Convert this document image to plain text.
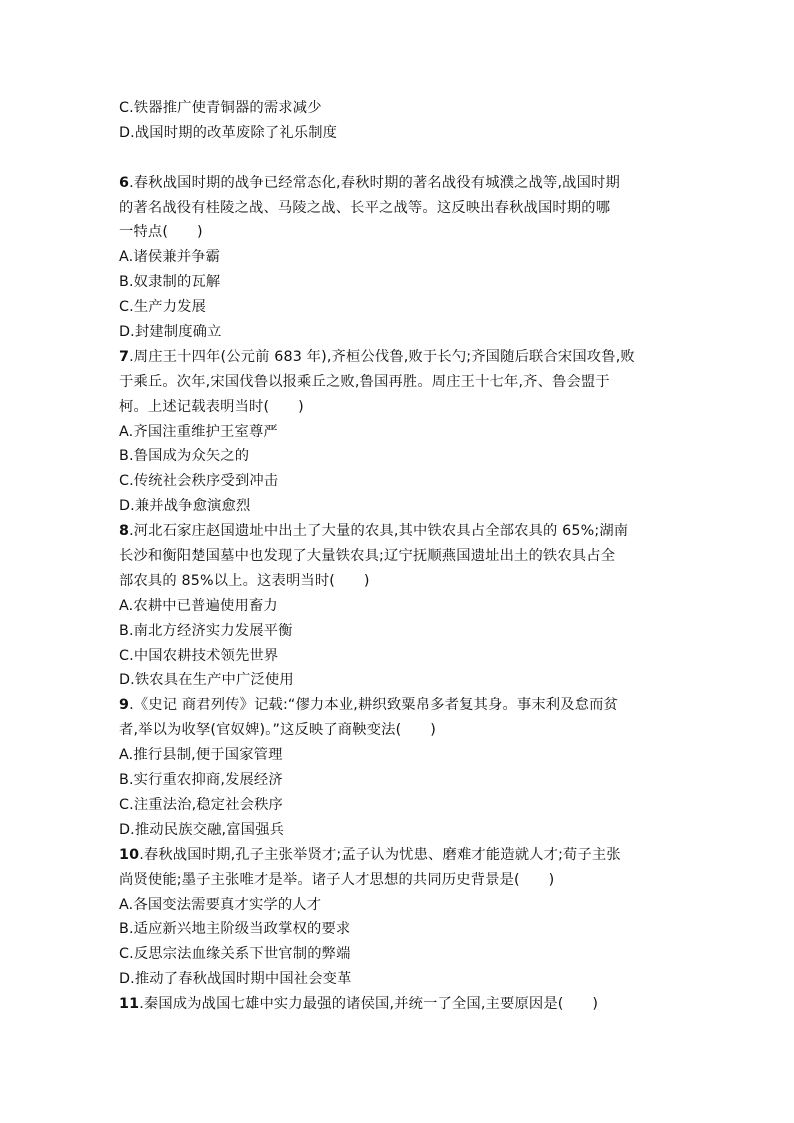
C.铁器推广使青铜器的需求减少
D.战国时期的改革废除了礼乐制度
6.春秋战国时期的战争已经常态化,春秋时期的著名战役有城濮之战等,战国时期
的著名战役有桂陵之战、马陵之战、长平之战等。这反映出春秋战国时期的哪
一特点(　　)
A.诸侯兼并争霸
B.奴隶制的瓦解
C.生产力发展
D.封建制度确立
7.周庄王十四年(公元前 683 年),齐桓公伐鲁,败于长勺;齐国随后联合宋国攻鲁,败
于乘丘。次年,宋国伐鲁以报乘丘之败,鲁国再胜。周庄王十七年,齐、鲁会盟于
柯。上述记载表明当时(　　)
A.齐国注重维护王室尊严
B.鲁国成为众矢之的
C.传统社会秩序受到冲击
D.兼并战争愈演愈烈
8.河北石家庄赵国遗址中出土了大量的农具,其中铁农具占全部农具的 65%;湖南
长沙和衡阳楚国墓中也发现了大量铁农具;辽宁抚顺燕国遗址出土的铁农具占全
部农具的 85%以上。这表明当时(　　)
A.农耕中已普遍使用畜力
B.南北方经济实力发展平衡
C.中国农耕技术领先世界
D.铁农具在生产中广泛使用
9.《史记 商君列传》记载:“僇力本业,耕织致粟帛多者复其身。事末利及怠而贫
者,举以为收孥(官奴婢)。”这反映了商鞅变法(　　)
A.推行县制,便于国家管理
B.实行重农抑商,发展经济
C.注重法治,稳定社会秩序
D.推动民族交融,富国强兵
10.春秋战国时期,孔子主张举贤才;孟子认为忧患、磨难才能造就人才;荀子主张
尚贤使能;墨子主张唯才是举。诸子人才思想的共同历史背景是(　　)
A.各国变法需要真才实学的人才
B.适应新兴地主阶级当政掌权的要求
C.反思宗法血缘关系下世官制的弊端
D.推动了春秋战国时期中国社会变革
11.秦国成为战国七雄中实力最强的诸侯国,并统一了全国,主要原因是(　　)
